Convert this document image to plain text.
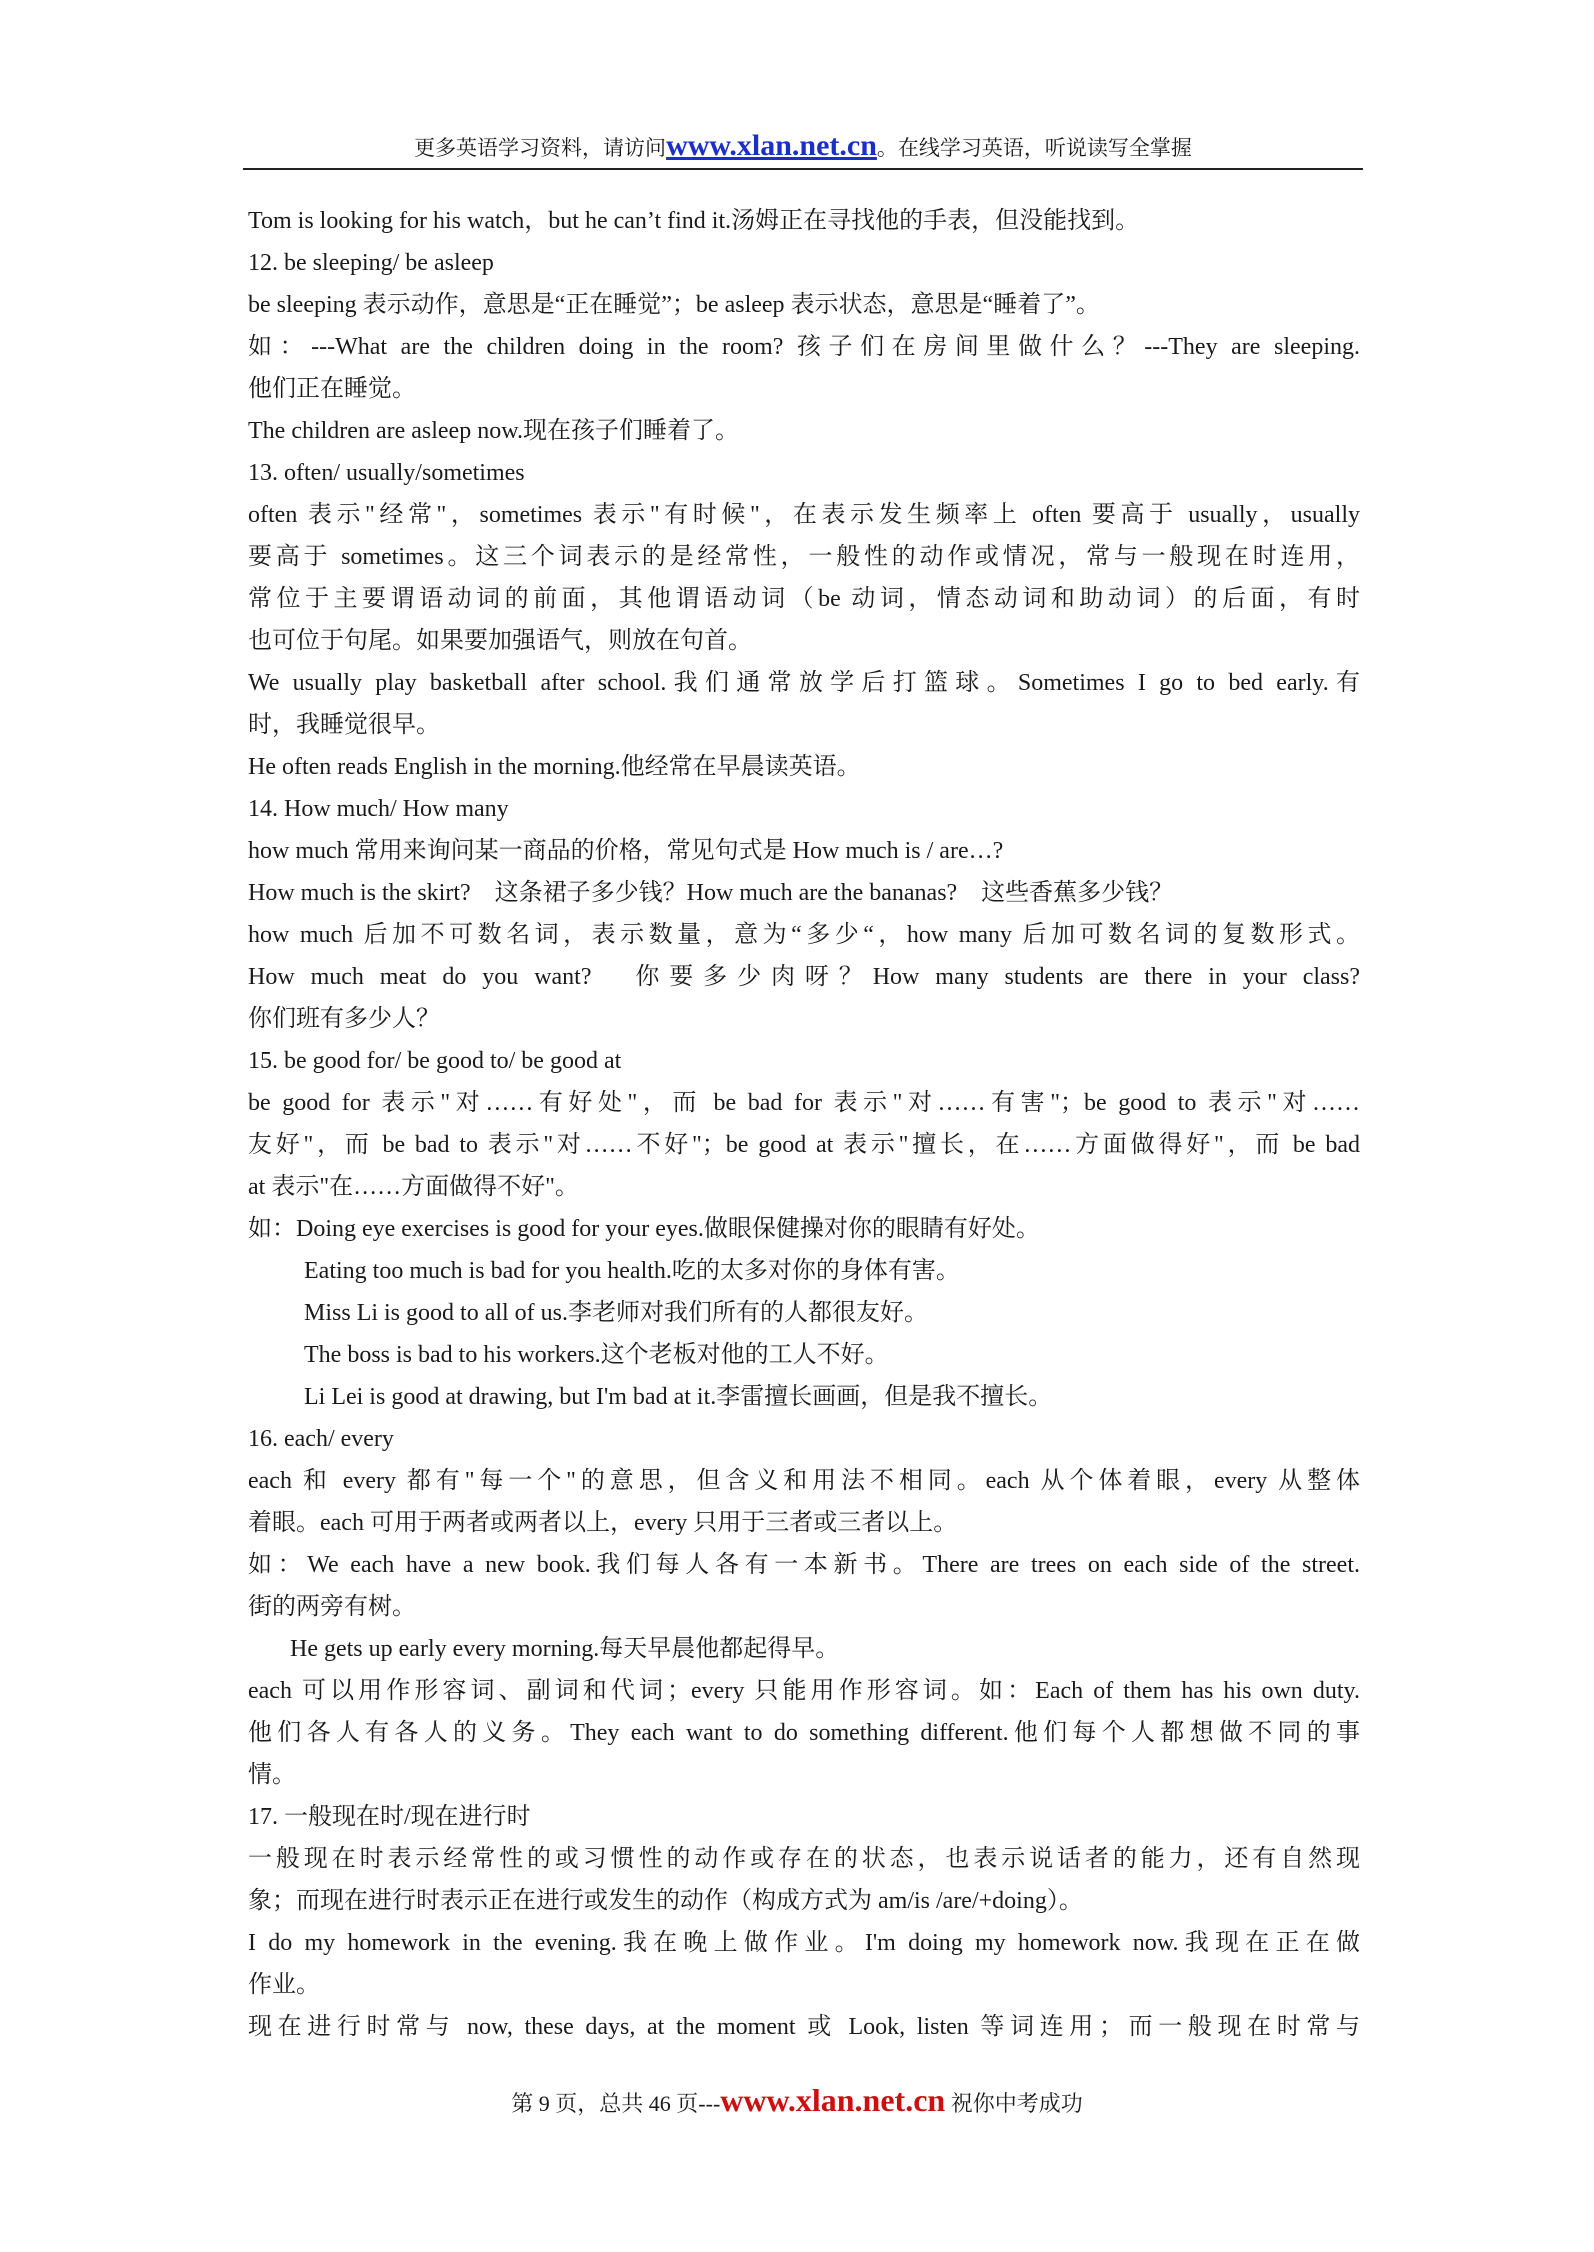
更多英语学习资料，请访问www.xlan.net.cn。在线学习英语，听说读写全掌握
Tom is looking for his watch，but he can’t find it.汤姆正在寻找他的手表，但没能找到。
12. be sleeping/ be asleep
be sleeping 表示动作，意思是“正在睡觉”；be asleep 表示状态，意思是“睡着了”。
如：---What are the children doing in the room? 孩子们在房间里做什么？---They are sleeping.
他们正在睡觉。
The children are asleep now.现在孩子们睡着了。
13. often/ usually/sometimes
often 表示"经常"，sometimes 表示"有时候"，在表示发生频率上 often 要高于 usually，usually
要高于 sometimes。这三个词表示的是经常性，一般性的动作或情况，常与一般现在时连用，
常位于主要谓语动词的前面，其他谓语动词（be 动词，情态动词和助动词）的后面，有时
也可位于句尾。如果要加强语气，则放在句首。
We usually play basketball after school.我们通常放学后打篮球。Sometimes I go to bed early.有
时，我睡觉很早。
He often reads English in the morning.他经常在早晨读英语。
14. How much/ How many
how much 常用来询问某一商品的价格，常见句式是 How much is / are…?
How much is the skirt?　这条裙子多少钱？How much are the bananas?　这些香蕉多少钱？
how much 后加不可数名词，表示数量，意为“多少“，how many 后加可数名词的复数形式。
How much meat do you want?　你要多少肉呀？How many students are there in your class?
你们班有多少人？
15. be good for/ be good to/ be good at
be good for 表示"对……有好处"，而 be bad for 表示"对……有害"；be good to 表示"对……
友好"，而 be bad to 表示"对……不好"；be good at 表示"擅长，在……方面做得好"，而 be bad
at 表示"在……方面做得不好"。
如：Doing eye exercises is good for your eyes.做眼保健操对你的眼睛有好处。
Eating too much is bad for you health.吃的太多对你的身体有害。
Miss Li is good to all of us.李老师对我们所有的人都很友好。
The boss is bad to his workers.这个老板对他的工人不好。
Li Lei is good at drawing, but I'm bad at it.李雷擅长画画，但是我不擅长。
16. each/ every
each 和 every 都有"每一个"的意思，但含义和用法不相同。each 从个体着眼，every 从整体
着眼。each 可用于两者或两者以上，every 只用于三者或三者以上。
如：We each have a new book.我们每人各有一本新书。There are trees on each side of the street.
街的两旁有树。
He gets up early every morning.每天早晨他都起得早。
each 可以用作形容词、副词和代词；every 只能用作形容词。如：Each of them has his own duty.
他们各人有各人的义务。They each want to do something different.他们每个人都想做不同的事
情。
17. 一般现在时/现在进行时
一般现在时表示经常性的或习惯性的动作或存在的状态，也表示说话者的能力，还有自然现
象；而现在进行时表示正在进行或发生的动作（构成方式为 am/is /are/+doing）。
I do my homework in the evening.我在晚上做作业。I'm doing my homework now.我现在正在做
作业。
现在进行时常与 now, these days, at the moment 或 Look, listen 等词连用；而一般现在时常与
第 9 页，总共 46 页---www.xlan.net.cn 祝你中考成功
